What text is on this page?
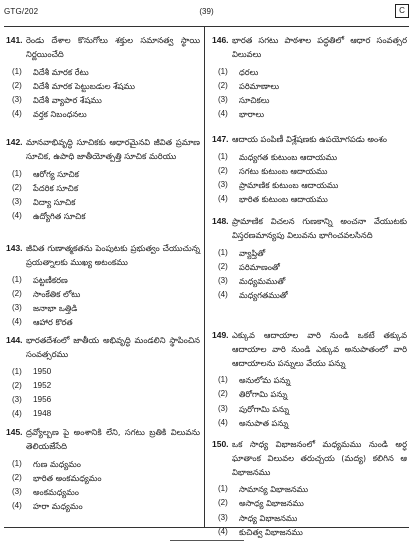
GTG/202	(39)	C
141. రెండు దేశాల కొనుగోలు శక్తుల సమానత్వ స్థాయి నిర్ణయించేది
(1)	విదేశీ మారక రేటు
(2)	విదేశీ మారక పెట్టుబడుల శేషము
(3)	విదేశీ వ్యాపార శేషము
(4)	వర్తక నిబంధనలు
142. మానవాభివృద్ధి సూచికకు ఆధారమైనవి జీవిత ప్రమాణ సూచిక, ఉపాధి జాతీయోత్పత్తి సూచిక మరియు
(1)	ఆరోగ్య సూచిక
(2)	పేదరిక సూచిక
(3)	విద్యా సూచిక
(4)	ఉద్యోగిత సూచిక
143. జీవిత గుణాత్మకతను పెంపుటకు ప్రభుత్వం చేయుచున్న ప్రయత్నాలకు ముఖ్య అటంకము
(1)	పట్టణీకరణ
(2)	సాంకేతిక లోటు
(3)	జనాభా ఒత్తిడి
(4)	ఆహార కొరత
144. భారతదేశంలో జాతీయ అభివృద్ధి మండలిని స్థాపించిన సంవత్సరము
(1)	1950
(2)	1952
(3)	1956
(4)	1948
145. ద్రవ్యోల్బణ పై అంశానికి లేని, సగటు బ్రతికి విలువను తెలియజేసేది
(1)	గుణ మధ్యమం
(2)	భారిత అంకమధ్యమం
(3)	అంకమధ్యమం
(4)	హరా మధ్యమం
146. భారత సగటు పాఠశాల పద్ధతిలో ఆధార సంవత్సర విలువలు
(1)	ధరలు
(2)	పరిమాణాలు
(3)	సూచికలు
(4)	భారాలు
147. ఆదాయ పంపిణీ విశ్లేషణకు ఉపయోగపడు అంశం
(1)	మధ్యగత కుటుంబ ఆదాయము
(2)	సగటు కుటుంబ ఆదాయము
(3)	ప్రామాణిక కుటుంబ ఆదాయము
(4)	భారిత కుటుంబ ఆదాయము
148. ప్రామాణిక విచలన గుణకాన్ని అంచనా వేయుటకు విస్తరణమాన్యపు విలువను భాగించవలసినది
(1)	వ్యాప్తితో
(2)	పరిమాణంతో
(3)	మధ్యమముతో
(4)	మధ్యగతముతో
149. ఎక్కువ ఆదాయాల వారి నుండి ఒకటే తక్కువ ఆదాయాల వారి నుండి ఎక్కువ అనుపాతంలో వారి ఆదాయాలను పన్నులు వేయు పన్ను
(1)	అనులోమ పన్ను
(2)	తిరోగామి పన్ను
(3)	పురోగామి పన్ను
(4)	అనుపాత పన్ను
150. ఒక సాధ్య విభాజనంలో మధ్యమము నుండి అర్ధ ఘాతాంక విలువల తరుచ్చయ (మద్య) కలిగిన ఆ విభాజనము
(1)	సామాన్య విభాజనము
(2)	అసాధ్య విభాజనము
(3)	సాధ్య విభాజనము
(4)	కుచిత్వ విభాజనము
